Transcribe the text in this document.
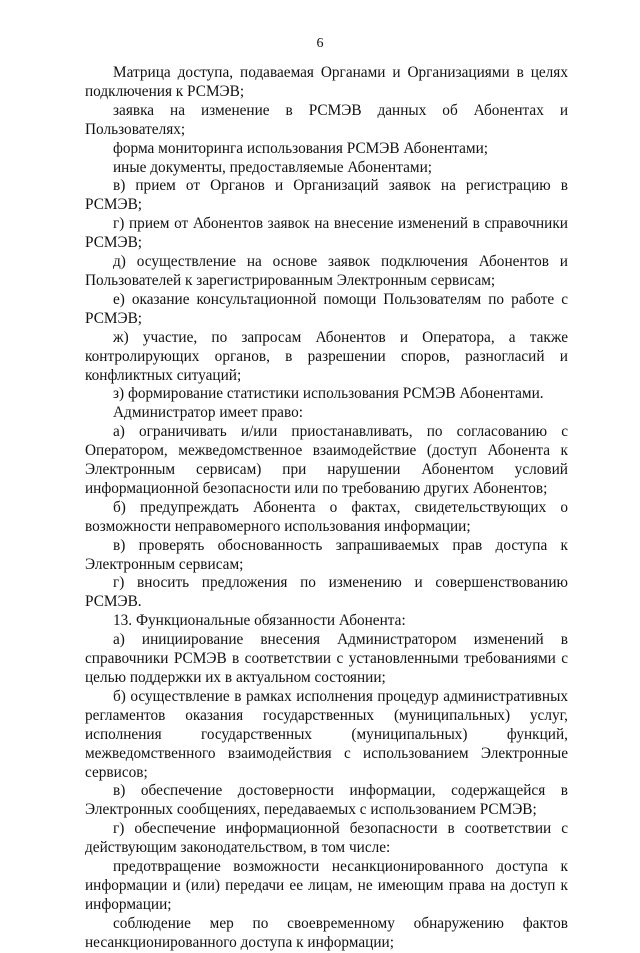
6

Матрица доступа, подаваемая Органами и Организациями в целях подключения к РСМЭВ;

заявка на изменение в РСМЭВ данных об Абонентах и Пользователях;

форма мониторинга использования РСМЭВ Абонентами;

иные документы, предоставляемые Абонентами;

в) прием от Органов и Организаций заявок на регистрацию в РСМЭВ;

г) прием от Абонентов заявок на внесение изменений в справочники РСМЭВ;

д) осуществление на основе заявок подключения Абонентов и Пользователей к зарегистрированным Электронным сервисам;

е) оказание консультационной помощи Пользователям по работе с РСМЭВ;

ж) участие, по запросам Абонентов и Оператора, а также контролирующих органов, в разрешении споров, разногласий и конфликтных ситуаций;

з) формирование статистики использования РСМЭВ Абонентами.

Администратор имеет право:

а) ограничивать и/или приостанавливать, по согласованию с Оператором, межведомственное взаимодействие (доступ Абонента к Электронным сервисам) при нарушении Абонентом условий информационной безопасности или по требованию других Абонентов;

б) предупреждать Абонента о фактах, свидетельствующих о возможности неправомерного использования информации;

в) проверять обоснованность запрашиваемых прав доступа к Электронным сервисам;

г) вносить предложения по изменению и совершенствованию РСМЭВ.

13. Функциональные обязанности Абонента:

а) инициирование внесения Администратором изменений в справочники РСМЭВ в соответствии с установленными требованиями с целью поддержки их в актуальном состоянии;

б) осуществление в рамках исполнения процедур административных регламентов оказания государственных (муниципальных) услуг, исполнения государственных (муниципальных) функций, межведомственного взаимодействия с использованием Электронные сервисов;

в) обеспечение достоверности информации, содержащейся в Электронных сообщениях, передаваемых с использованием РСМЭВ;

г) обеспечение информационной безопасности в соответствии с действующим законодательством, в том числе:

предотвращение возможности несанкционированного доступа к информации и (или) передачи ее лицам, не имеющим права на доступ к информации;

соблюдение мер по своевременному обнаружению фактов несанкционированного доступа к информации;
